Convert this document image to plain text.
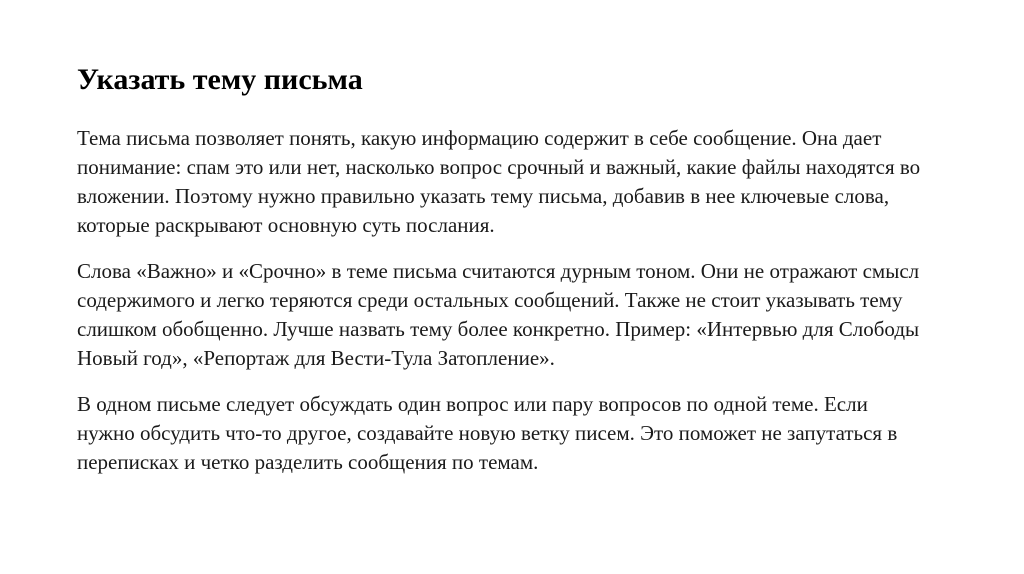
Указать тему письма

Тема письма позволяет понять, какую информацию содержит в себе сообщение. Она дает
понимание: спам это или нет, насколько вопрос срочный и важный, какие файлы находятся во
вложении. Поэтому нужно правильно указать тему письма, добавив в нее ключевые слова,
которые раскрывают основную суть послания.

Слова «Важно» и «Срочно» в теме письма считаются дурным тоном. Они не отражают смысл
содержимого и легко теряются среди остальных сообщений. Также не стоит указывать тему
слишком обобщенно. Лучше назвать тему более конкретно. Пример: «Интервью для Слободы
Новый год», «Репортаж для Вести-Тула Затопление».

В одном письме следует обсуждать один вопрос или пару вопросов по одной теме. Если
нужно обсудить что-то другое, создавайте новую ветку писем. Это поможет не запутаться в
переписках и четко разделить сообщения по темам.
